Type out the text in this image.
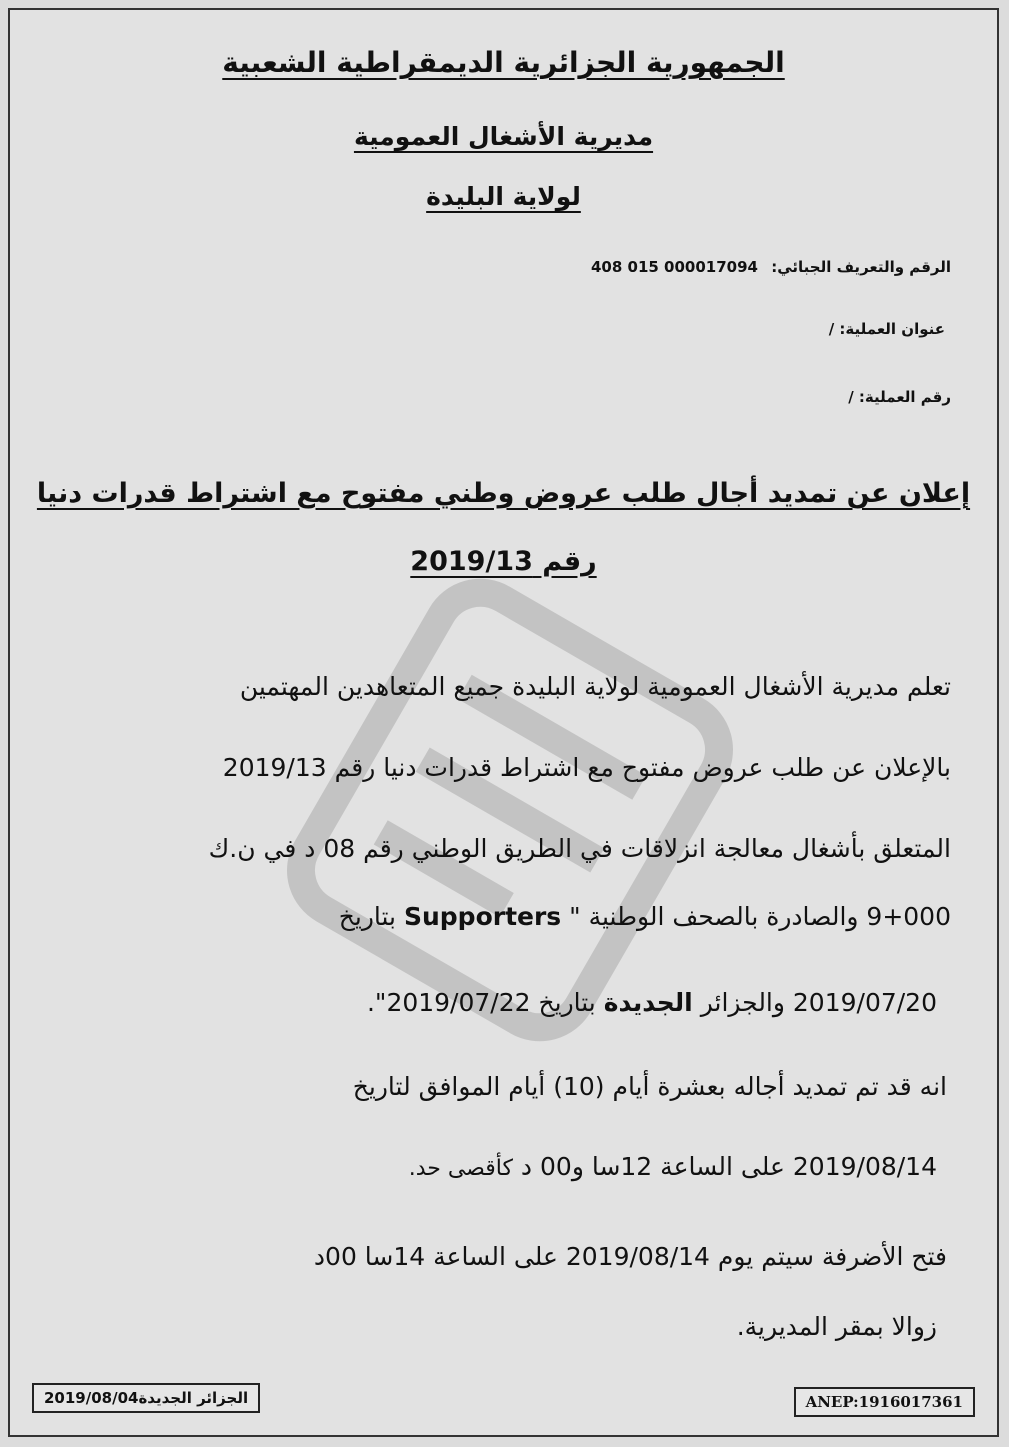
الجمهورية الجزائرية الديمقراطية الشعبية
مديرية الأشغال العمومية
لولاية البليدة
الرقم والتعريف الجبائي: 408 015 000017094
عنوان العملية: /
رقم العملية: /
إعلان عن تمديد أجال طلب عروض وطني مفتوح مع اشتراط قدرات دنيا
رقم 2019/13
تعلم مديرية الأشغال العمومية لولاية البليدة جميع المتعاهدين المهتمين
بالإعلان عن طلب عروض مفتوح مع اشتراط قدرات دنيا رقم 2019/13
المتعلق بأشغال معالجة انزلاقات في الطريق الوطني رقم 08 د في ن.ك
9+000 والصادرة بالصحف الوطنية " Supporters بتاريخ
2019/07/20 والجزائر الجديدة بتاريخ 2019/07/22".
انه قد تم تمديد أجاله بعشرة أيام (10) أيام الموافق لتاريخ
2019/08/14 على الساعة 12سا و00 د كأقصى حد.
فتح الأضرفة سيتم يوم 2019/08/14 على الساعة 14سا 00د
زوالا بمقر المديرية.
الجزائر الجديدة2019/08/04	ANEP:1916017361
